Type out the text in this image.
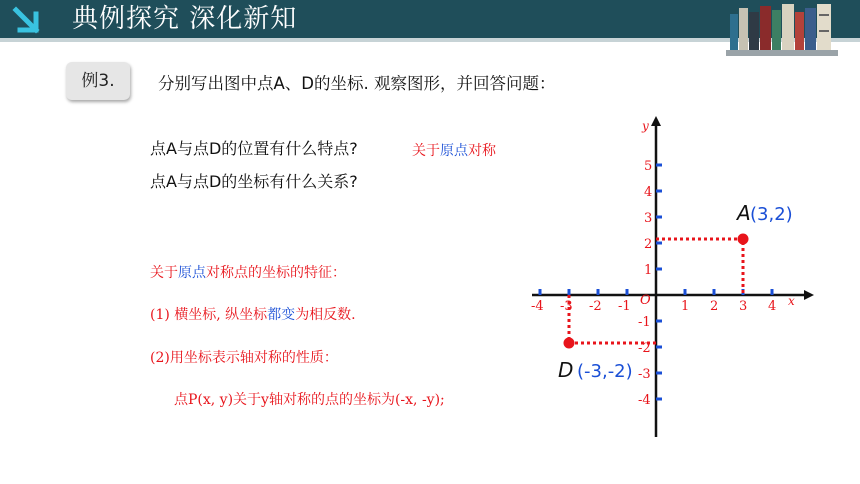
典例探究 深化新知
例3.	分别写出图中点A、D的坐标. 观察图形，并回答问题：
点A与点D的位置有什么特点?
点A与点D的坐标有什么关系?
关于原点对称
关于原点对称点的坐标的特征：
(1) 横坐标, 纵坐标都变为相反数.
(2)用坐标表示轴对称的性质：
点P(x, y)关于y轴对称的点的坐标为(-x, -y);
y
x
O
-4 -3 -2 -1	1 2 3 4
5
4
3
2
1
-1
-2
-3
-4
A (3,2)
D (-3,-2)
